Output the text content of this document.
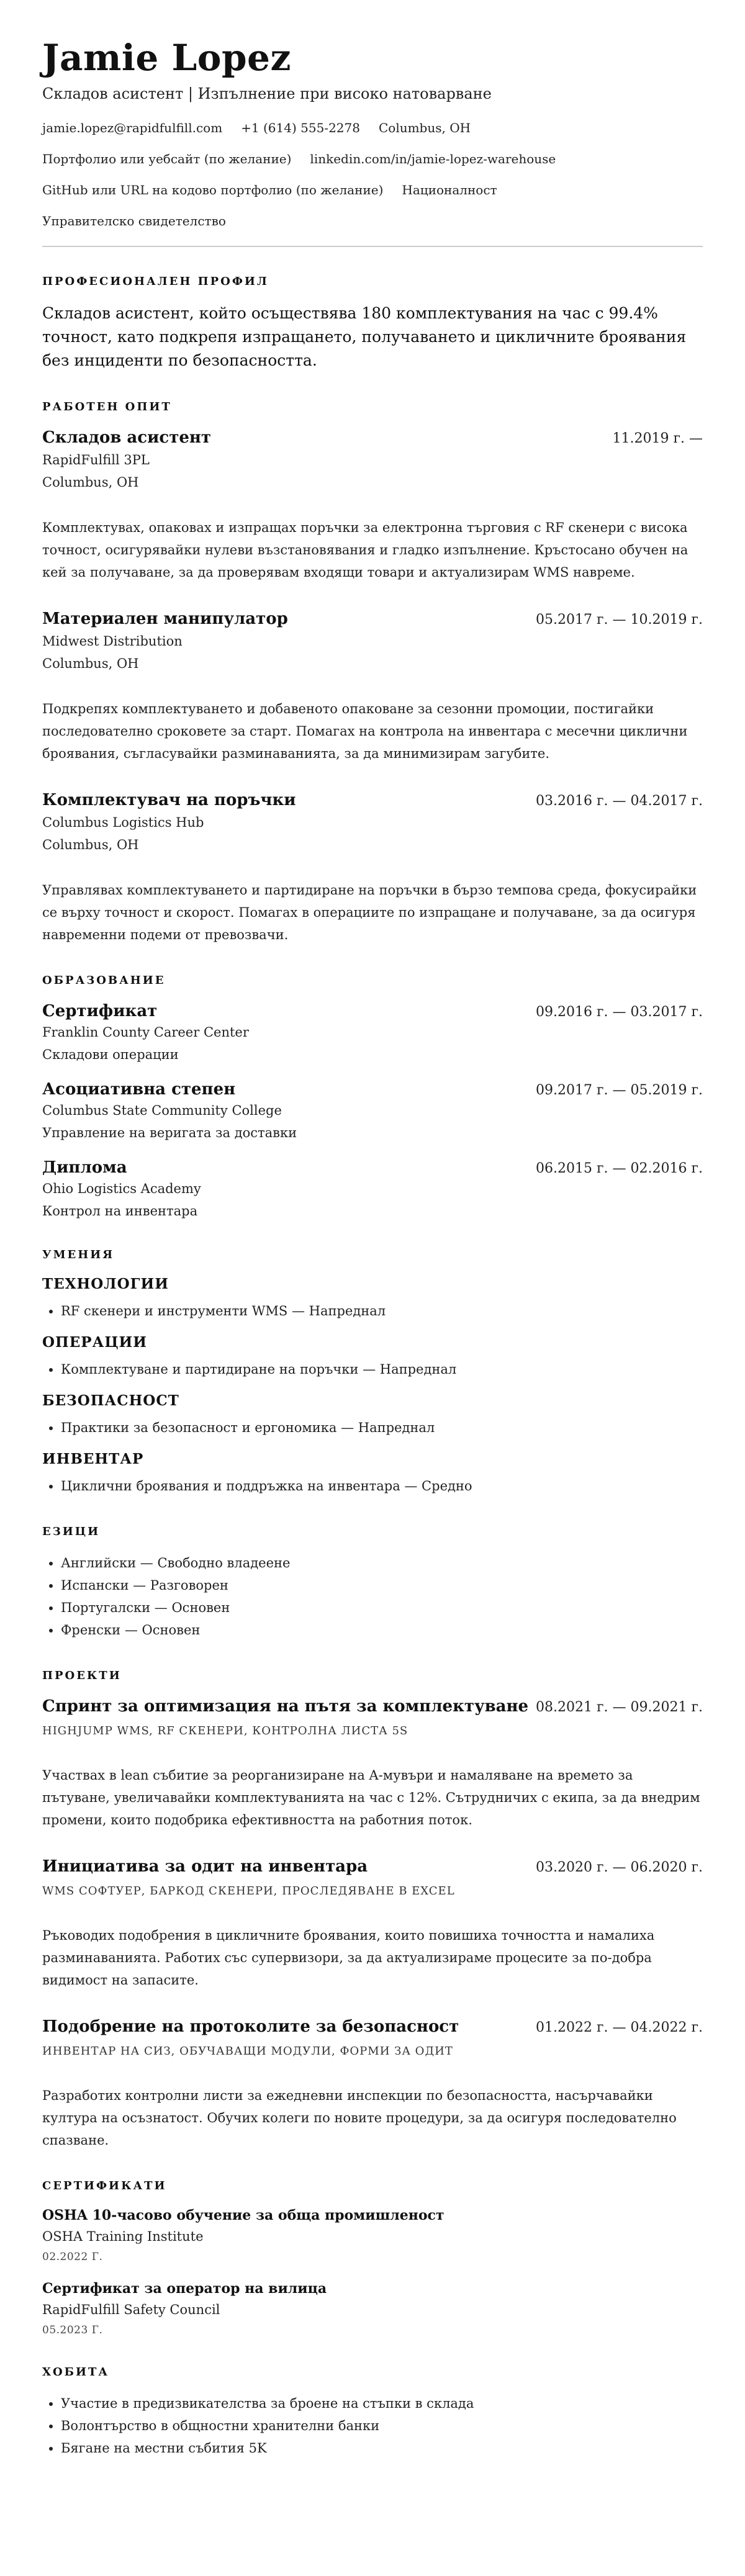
Jamie Lopez
Складов асистент | Изпълнение при високо натоварване
jamie.lopez@rapidfulfill.com +1 (614) 555-2278 Columbus, OH
Портфолио или уебсайт (по желание) linkedin.com/in/jamie-lopez-warehouse
GitHub или URL на кодово портфолио (по желание) Националност
Управителско свидетелство
ПРОФЕСИОНАЛЕН ПРОФИЛ

Складов асистент, който осъществява 180 комплектувания на час с 99.4% точност, като подкрепя изпращането, получаването и цикличните броявания без инциденти по безопасността.

РАБОТЕН ОПИТ
Складов асистент	11.2019 г. —
RapidFulfill 3PL
Columbus, OH
Комплектувах, опаковах и изпращах поръчки за електронна търговия с RF скенери с висока точност, осигурявайки нулеви възстановявания и гладко изпълнение. Кръстосано обучен на кей за получаване, за да проверявам входящи товари и актуализирам WMS навреме.
Материален манипулатор	05.2017 г. — 10.2019 г.
Midwest Distribution
Columbus, OH
Подкрепях комплектуването и добавеното опаковане за сезонни промоции, постигайки последователно сроковете за старт. Помагах на контрола на инвентара с месечни циклични броявания, съгласувайки разминаванията, за да минимизирам загубите.
Комплектувач на поръчки	03.2016 г. — 04.2017 г.
Columbus Logistics Hub
Columbus, OH
Управлявах комплектуването и партидиране на поръчки в бързо темпова среда, фокусирайки се върху точност и скорост. Помагах в операциите по изпращане и получаване, за да осигуря навременни подеми от превозвачи.
ОБРАЗОВАНИЕ
Сертификат	09.2016 г. — 03.2017 г.
Franklin County Career Center
Складови операции
Асоциативна степен	09.2017 г. — 05.2019 г.
Columbus State Community College
Управление на веригата за доставки
Диплома	06.2015 г. — 02.2016 г.
Ohio Logistics Academy
Контрол на инвентара
УМЕНИЯ
ТЕХНОЛОГИИ
• RF скенери и инструменти WMS — Напреднал
ОПЕРАЦИИ
• Комплектуване и партидиране на поръчки — Напреднал
БЕЗОПАСНОСТ
• Практики за безопасност и ергономика — Напреднал
ИНВЕНТАР
• Циклични броявания и поддръжка на инвентара — Средно
ЕЗИЦИ
• Английски — Свободно владеене
• Испански — Разговорен
• Португалски — Основен
• Френски — Основен
ПРОЕКТИ
Спринт за оптимизация на пътя за комплектуване 08.2021 г. — 09.2021 г.
HIGHJUMP WMS, RF СКЕНЕРИ, КОНТРОЛНА ЛИСТА 5S
Участвах в lean събитие за реорганизиране на A-мувъри и намаляване на времето за пътуване, увеличавайки комплектуванията на час с 12%. Сътрудничих с екипа, за да внедрим промени, които подобрика ефективността на работния поток.
Инициатива за одит на инвентара	03.2020 г. — 06.2020 г.
WMS СОФТУЕР, БАРКОД СКЕНЕРИ, ПРОСЛЕДЯВАНЕ В EXCEL
Ръководих подобрения в цикличните броявания, които повишиха точността и намалиха разминаванията. Работих със супервизори, за да актуализираме процесите за по-добра видимост на запасите.
Подобрение на протоколите за безопасност	01.2022 г. — 04.2022 г.
ИНВЕНТАР НА СИЗ, ОБУЧАВАЩИ МОДУЛИ, ФОРМИ ЗА ОДИТ
Разработих контролни листи за ежедневни инспекции по безопасността, насърчавайки култура на осъзнатост. Обучих колеги по новите процедури, за да осигуря последователно спазване.
СЕРТИФИКАТИ
OSHA 10-часово обучение за обща промишленост
OSHA Training Institute
02.2022 Г.
Сертификат за оператор на вилица
RapidFulfill Safety Council
05.2023 Г.
ХОБИТА
• Участие в предизвикателства за броене на стъпки в склада
• Волонтърство в общностни хранителни банки
• Бягане на местни събития 5K
